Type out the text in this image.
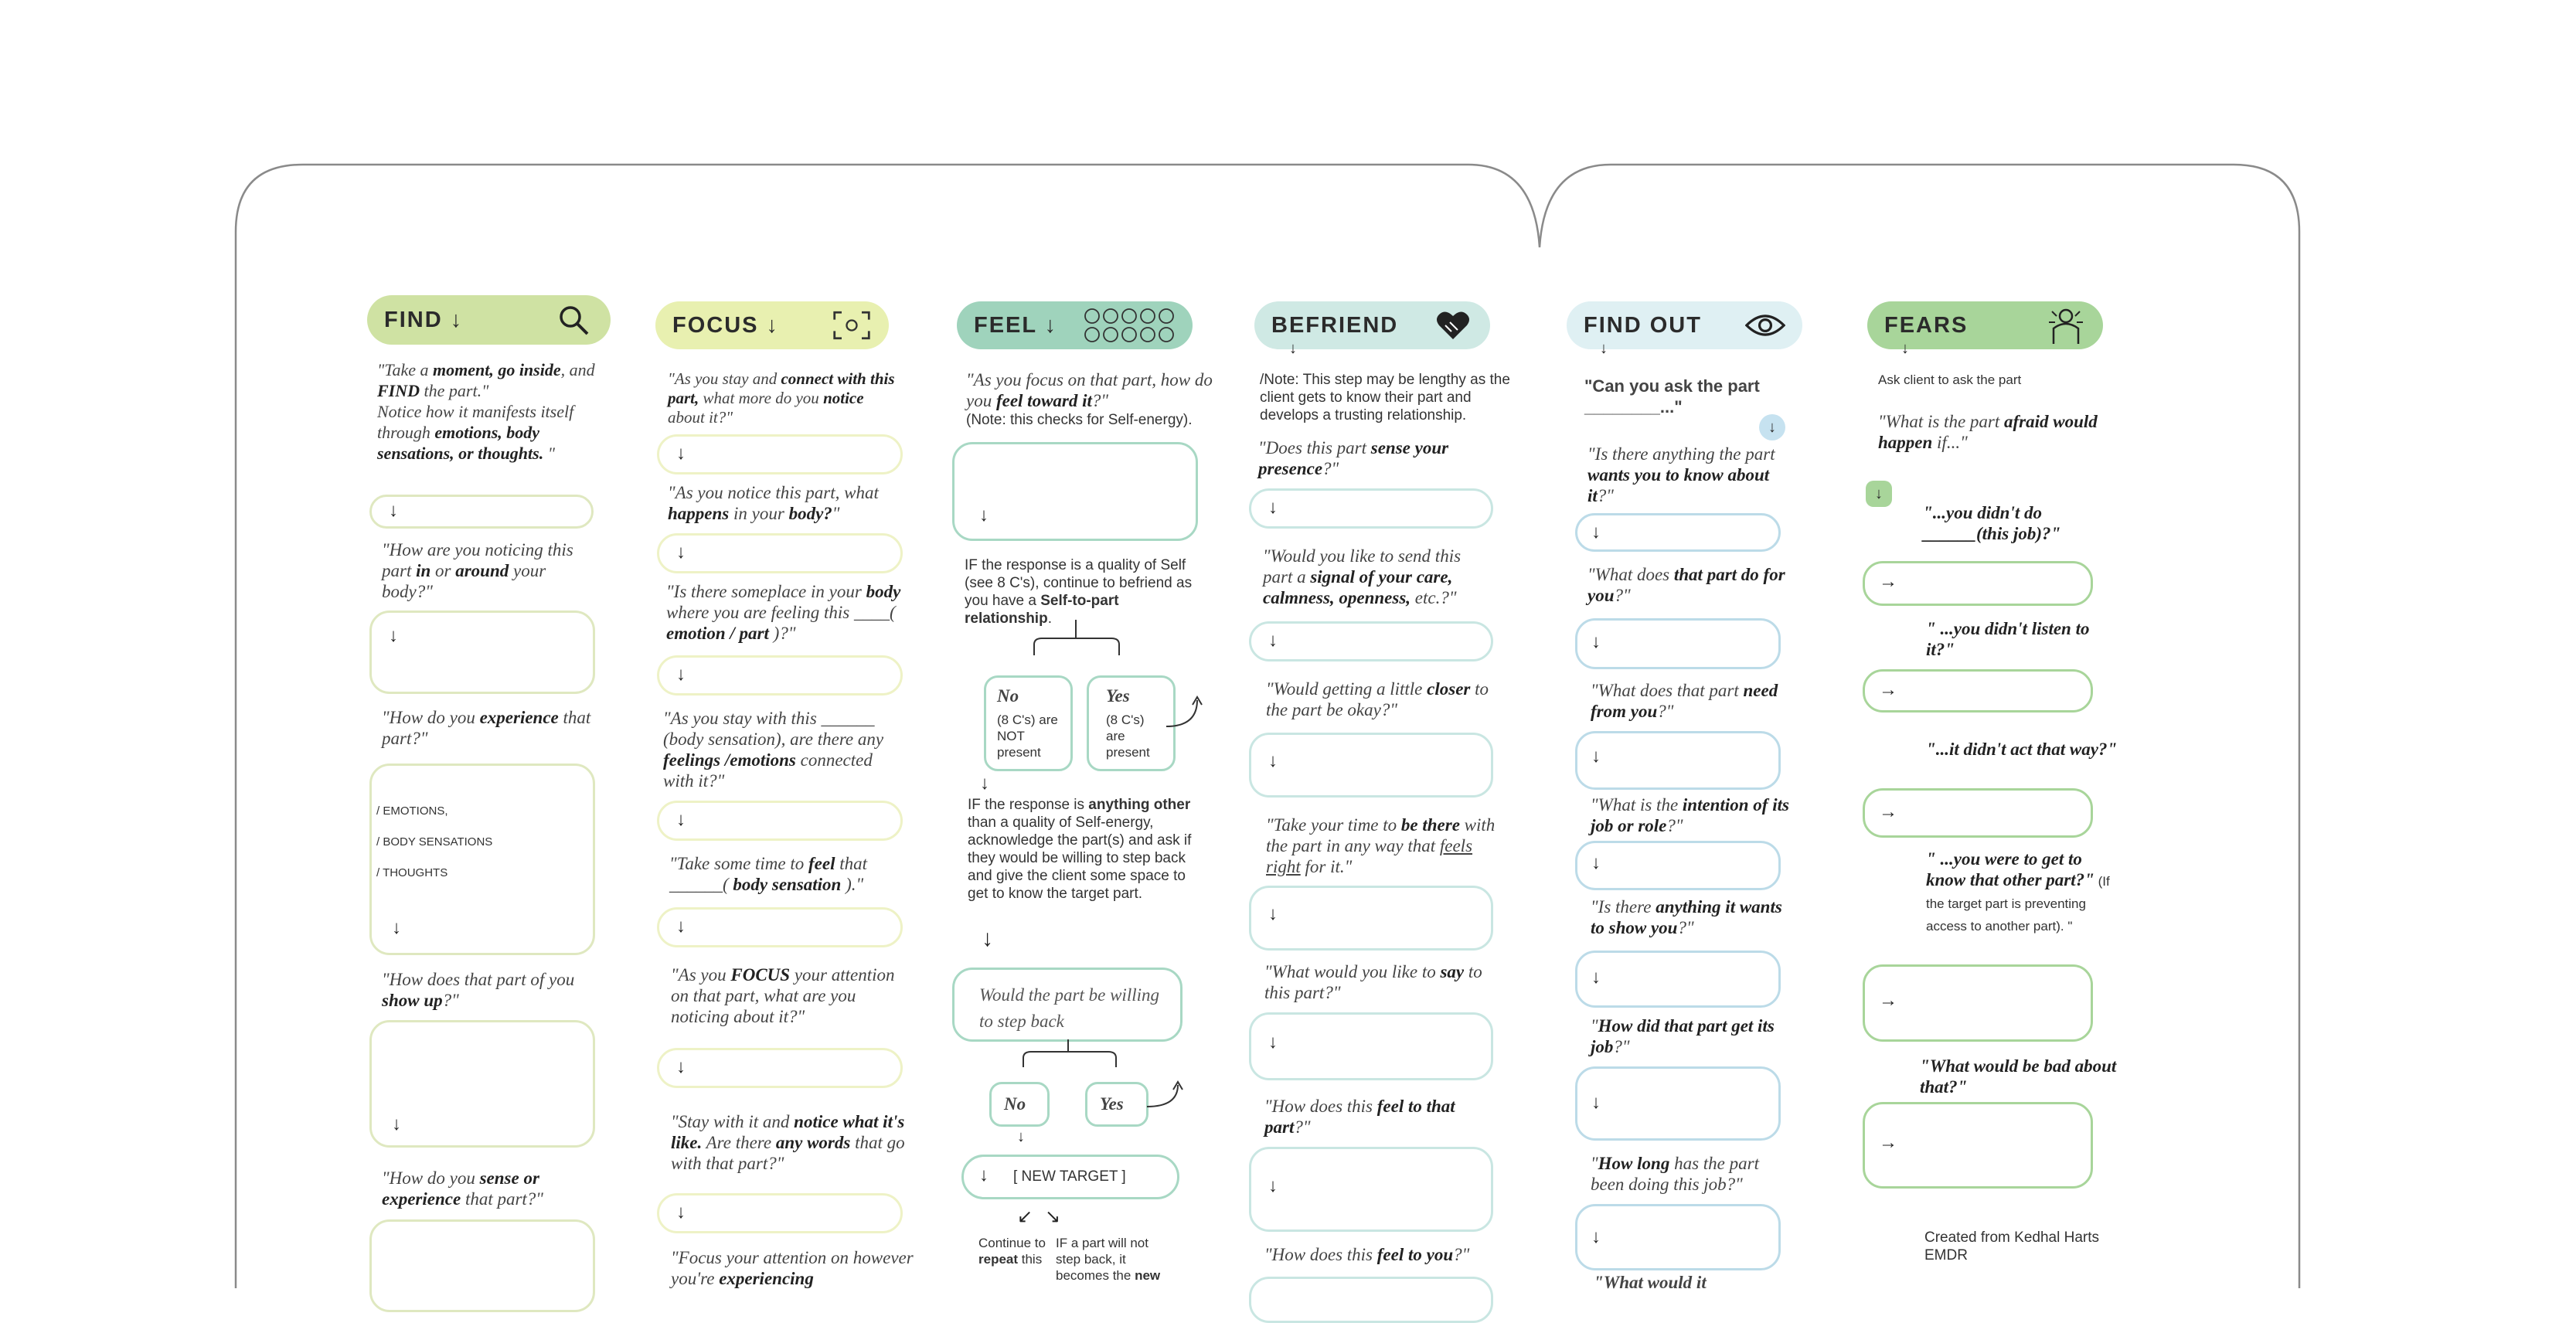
FIND ↓
"Take a moment, go inside, and FIND the part."
Notice how it manifests itself through emotions, body sensations, or thoughts. "
↓
"How are you noticing this part in or around your body?"
↓
"How do you experience that part?"
/ EMOTIONS,
/ BODY SENSATIONS
/ THOUGHTS
↓
"How does that part of you show up?"
↓
"How do you sense or experience that part?"
FOCUS ↓
"As you stay and connect with this part, what more do you notice about it?"
↓
"As you notice this part, what happens in your body?"
↓
"Is there someplace in your body where you are feeling this ____( emotion / part )?"
↓
"As you stay with this ______ (body sensation), are there any feelings /emotions connected with it?"
↓
"Take some time to feel that ______( body sensation )."
↓
"As you FOCUS your attention on that part, what are you noticing about it?"
↓
"Stay with it and notice what it's like. Are there any words that go with that part?"
↓
"Focus your attention on however you're experiencing
FEEL ↓
"As you focus on that part, how do you feel toward it?"
(Note: this checks for Self-energy).
↓
IF the response is a quality of Self (see 8 C's), continue to befriend as you have a Self-to-part relationship.
No
(8 C's) are NOT present
Yes
(8 C's) are present
↓
IF the response is anything other than a quality of Self-energy, acknowledge the part(s) and ask if they would be willing to step back and give the client some space to get to know the target part.
↓
Would the part be willing to step back
No	Yes
↓
↓ [ NEW TARGET ]
↙ ↘
Continue to repeat this
IF a part will not step back, it becomes the new
BEFRIEND
↓
/Note: This step may be lengthy as the client gets to know their part and develops a trusting relationship.
"Does this part sense your presence?"
↓
"Would you like to send this part a signal of your care, calmness, openness, etc.?"
↓
"Would getting a little closer to the part be okay?"
↓
"Take your time to be there with the part in any way that feels right for it."
↓
"What would you like to say to this part?"
↓
"How does this feel to that part?"
↓
"How does this feel to you?"
FIND OUT
↓
"Can you ask the part ________..."
↓
"Is there anything the part wants you to know about it?"
↓
"What does that part do for you?"
↓
"What does that part need from you?"
↓
"What is the intention of its job or role?"
↓
"Is there anything it wants to show you?"
↓
"How did that part get its job?"
↓
"How long has the part been doing this job?"
↓
"What would it
FEARS
↓
Ask client to ask the part
"What is the part afraid would happen if..."
↓
"...you didn't do ______(this job)?"
→
" ...you didn't listen to it?"
→
"...it didn't act that way?"
→
" ...you were to get to know that other part?" (If the target part is preventing access to another part). "
→
"What would be bad about that?"
→
Created from Kedhal Harts EMDR
